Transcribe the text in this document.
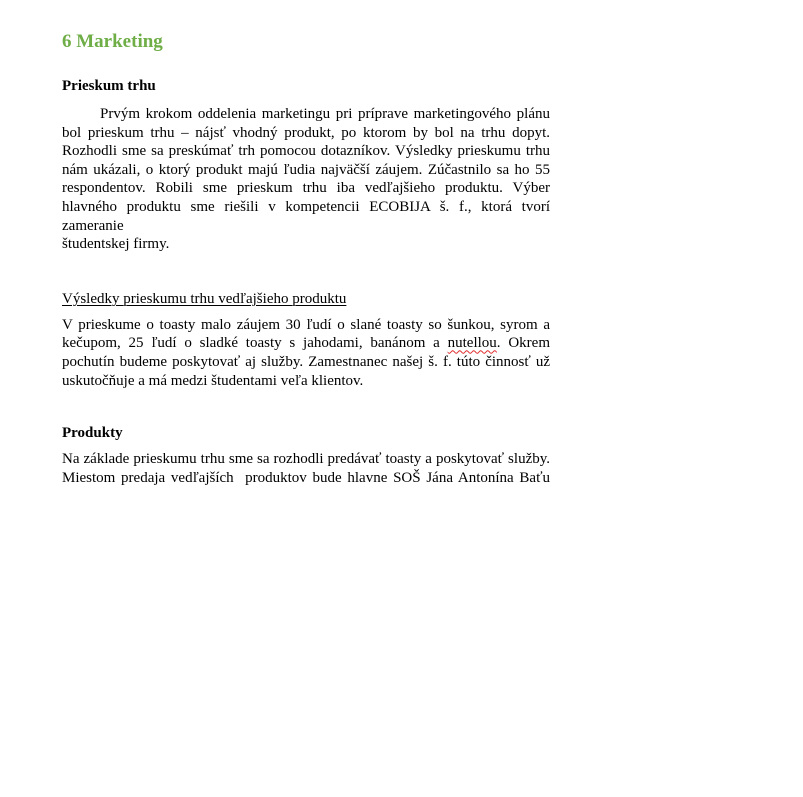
6 Marketing
Prieskum trhu
Prvým krokom oddelenia marketingu pri príprave marketingového plánu
bol prieskum trhu – nájsť vhodný produkt, po ktorom by bol na trhu dopyt.
Rozhodli sme sa preskúmať trh pomocou dotazníkov. Výsledky prieskumu trhu
nám ukázali, o ktorý produkt majú ľudia najväčší záujem. Zúčastnilo sa ho 55
respondentov. Robili sme prieskum trhu iba vedľajšieho produktu. Výber
hlavného produktu sme riešili v kompetencii ECOBIJA š. f., ktorá tvorí zameranie
študentskej firmy.
Výsledky prieskumu trhu vedľajšieho produktu
V prieskume o toasty malo záujem 30 ľudí o slané toasty so šunkou, syrom a
kečupom, 25 ľudí o sladké toasty s jahodami, banánom a nutellou. Okrem
pochutín budeme poskytovať aj služby. Zamestnanec našej š. f. túto činnosť už
uskutočňuje a má medzi študentami veľa klientov.
Produkty
Na základe prieskumu trhu sme sa rozhodli predávať toasty a poskytovať služby.
Miestom predaja vedľajších  produktov bude hlavne SOŠ Jána Antonína Baťu
